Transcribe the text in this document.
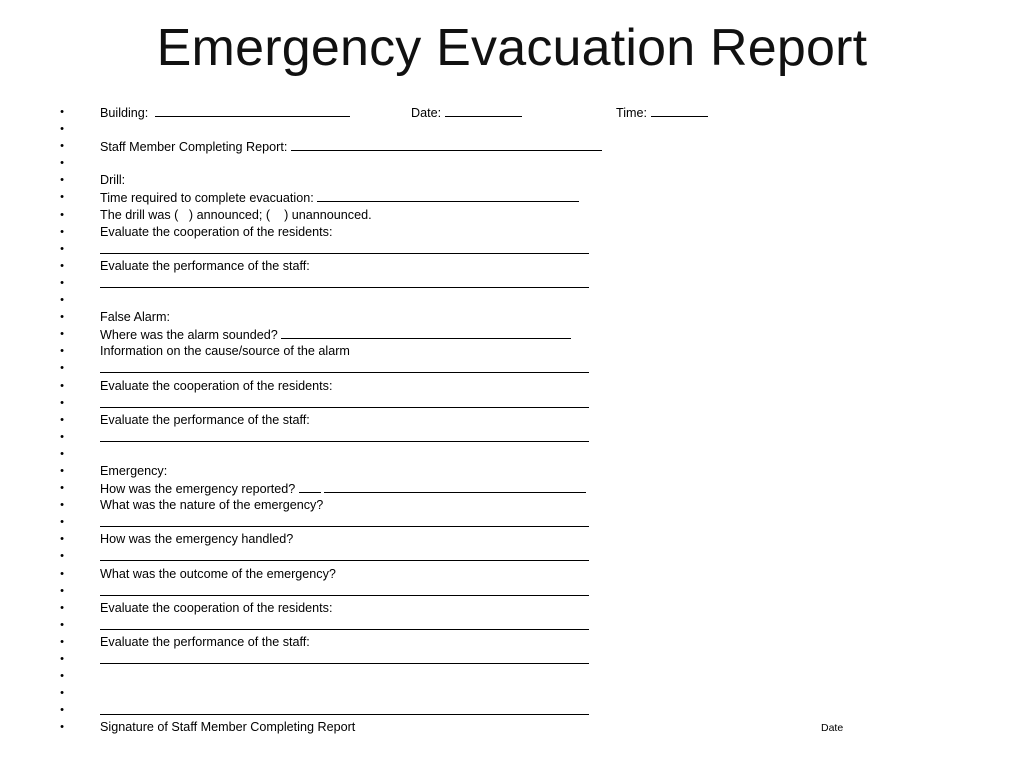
Emergency Evacuation Report
•	Building:	Date:	Time:
•
•	Staff Member Completing Report:
•
•	Drill:
•	Time required to complete evacuation:
•	The drill was (   ) announced; (    ) unannounced.
•	Evaluate the cooperation of the residents:
•
•	Evaluate the performance of the staff:
•
•
•	False Alarm:
•	Where was the alarm sounded?
•	Information on the cause/source of the alarm
•
•	Evaluate the cooperation of the residents:
•
•	Evaluate the performance of the staff:
•
•
•	Emergency:
•	How was the emergency reported?
•	What was the nature of the emergency?
•
•	How was the emergency handled?
•
•	What was the outcome of the emergency?
•
•	Evaluate the cooperation of the residents:
•
•	Evaluate the performance of the staff:
•
•
•
•
•	Signature of Staff Member Completing Report	Date
